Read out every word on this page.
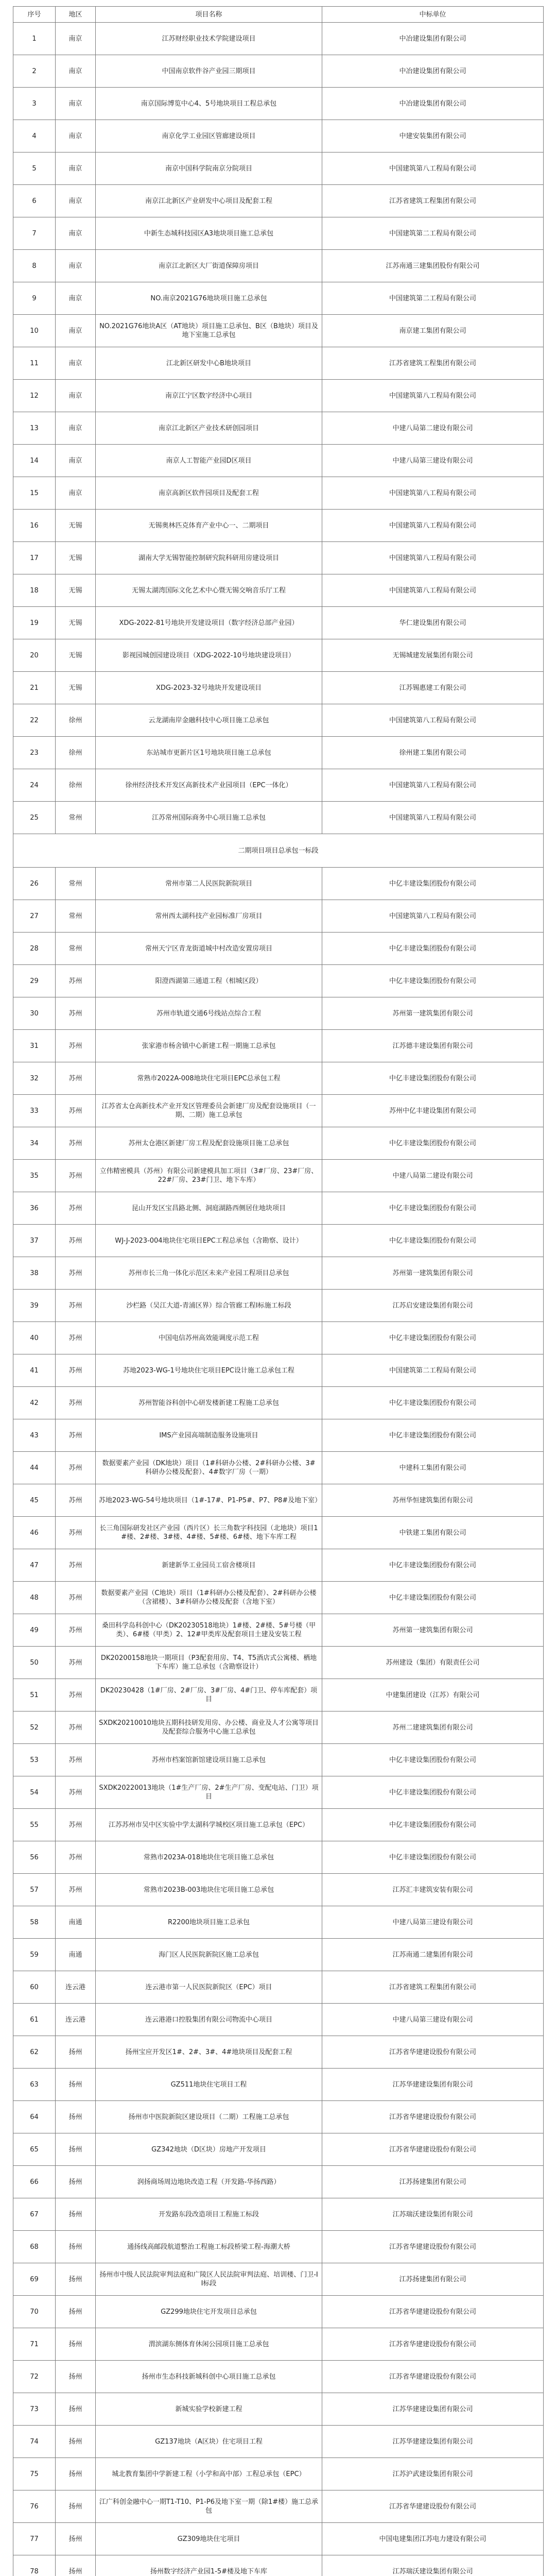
序号	地区	项目名称	中标单位
1	南京	江苏财经职业技术学院建设项目	中冶建设集团有限公司
2	南京	中国南京软件谷产业园三期项目	中冶建设集团有限公司
3	南京	南京国际博览中心4、5号地块项目工程总承包	中冶建设集团有限公司
4	南京	南京化学工业园区管廊建设项目	中建安装集团有限公司
5	南京	南京中国科学院南京分院项目	中国建筑第八工程局有限公司
6	南京	南京江北新区产业研发中心项目及配套工程	江苏省建筑工程集团有限公司
7	南京	中新生态城科技园区A3地块项目施工总承包	中国建筑第二工程局有限公司
8	南京	南京江北新区大厂街道保障房项目	江苏南通三建集团股份有限公司
9	南京	NO.南京2021G76地块项目施工总承包	中国建筑第二工程局有限公司
10	南京	NO.2021G76地块A区（AT地块）项目施工总承包、B区（B地块）项目及地下室施工总承包	南京建工集团有限公司
11	南京	江北新区研发中心B地块项目	江苏省建筑工程集团有限公司
12	南京	南京江宁区数字经济中心项目	中国建筑第八工程局有限公司
13	南京	南京江北新区产业技术研创园项目	中建八局第二建设有限公司
14	南京	南京人工智能产业园D区项目	中建八局第三建设有限公司
15	南京	南京高新区软件园项目及配套工程	中国建筑第八工程局有限公司
16	无锡	无锡奥林匹克体育产业中心一、二期项目	中国建筑第八工程局有限公司
17	无锡	湖南大学无锡智能控制研究院科研用房建设项目	中国建筑第八工程局有限公司
18	无锡	无锡太湖湾国际文化艺术中心暨无锡交响音乐厅工程	中国建筑第八工程局有限公司
19	无锡	XDG-2022-81号地块开发建设项目（数字经济总部产业园）	华仁建设集团有限公司
20	无锡	影视园城创园建设项目（XDG-2022-10号地块建设项目）	无锡城建发展集团有限公司
21	无锡	XDG-2023-32号地块开发建设项目	江苏锡惠建工有限公司
22	徐州	云龙湖南岸金融科技中心项目施工总承包	中国建筑第八工程局有限公司
23	徐州	东站城市更新片区1号地块项目施工总承包	徐州建工集团有限公司
24	徐州	徐州经济技术开发区高新技术产业园项目（EPC一体化）	中国建筑第八工程局有限公司
25	常州	江苏常州国际商务中心项目施工总承包	中国建筑第八工程局有限公司
二期项目项目总承包一标段			
26	常州	常州市第二人民医院新院项目	中亿丰建设集团股份有限公司
27	常州	常州西太湖科技产业园标准厂房项目	中国建筑第八工程局有限公司
28	常州	常州天宁区青龙街道城中村改造安置房项目	中亿丰建设集团股份有限公司
29	苏州	阳澄西湖第三通道工程（相城区段）	中亿丰建设集团股份有限公司
30	苏州	苏州市轨道交通6号线站点综合工程	苏州第一建筑集团有限公司
31	苏州	张家港市杨舍镇中心新建工程一期施工总承包	江苏德丰建设集团有限公司
32	苏州	常熟市2022A-008地块住宅项目EPC总承包工程	中亿丰建设集团股份有限公司
33	苏州	江苏省太仓高新技术产业开发区管理委员会新建厂房及配套设施项目（一期、二期）施工总承包	苏州中亿丰建设集团有限公司
34	苏州	苏州太仓港区新建厂房工程及配套设施项目施工总承包	中亿丰建设集团股份有限公司
35	苏州	立伟精密模具（苏州）有限公司新建模具加工项目（3#厂房、23#厂房、22#厂房、23#门卫、地下车库）	中建八局第二建设有限公司
36	苏州	昆山开发区宝昌路北侧、洞庭湖路西侧居住地块项目	中亿丰建设集团股份有限公司
37	苏州	WJ-J-2023-004地块住宅项目EPC工程总承包（含勘察、设计）	中亿丰建设集团股份有限公司
38	苏州	苏州市长三角一体化示范区未来产业园工程项目总承包	苏州第一建筑集团有限公司
39	苏州	沙栏路（吴江大道-青浦区界）综合管廊工程I标施工标段	江苏启安建设集团有限公司
40	苏州	中国电信苏州高效能调度示范工程	中亿丰建设集团股份有限公司
41	苏州	苏地2023-WG-1号地块住宅项目EPC设计施工总承包工程	中国建筑第二工程局有限公司
42	苏州	苏州智能谷科创中心研发楼新建工程施工总承包	中亿丰建设集团股份有限公司
43	苏州	IMS产业园高端制造服务设施项目	中亿丰建设集团股份有限公司
44	苏州	数据要素产业园（DK地块）项目（1#科研办公楼、2#科研办公楼、3#科研办公楼及配套）、4#数字厂房（一期）	中建科工集团有限公司
45	苏州	苏地2023-WG-54号地块项目（1#-17#、P1-P5#、P7、P8#及地下室）	苏州华恒建筑集团有限公司
46	苏州	长三角国际研发社区产业园（西片区）长三角数字科技园（北地块）项目1#楼、2#楼、3#楼、4#楼、5#楼、6#楼、地下车库工程	中铁建工集团有限公司
47	苏州	新建新华工业园员工宿舍楼项目	中亿丰建设集团股份有限公司
48	苏州	数据要素产业园（C地块）项目（1#科研办公楼及配套）、2#科研办公楼（含裙楼）、3#科研办公楼及配套（含地下室）	中亿丰建设集团股份有限公司
49	苏州	桑田科学岛科创中心（DK20230518地块）1#楼、2#楼、5#号楼（甲类）、6#楼（甲类）2、12#甲类库及配套项目土建及安装工程	苏州第一建筑集团有限公司
50	苏州	DK20200158地块一期项目（P3配套用房、T4、T5酒店式公寓楼、栖地下车库）施工总承包（含勘察设计）	苏州建设（集团）有限责任公司
51	苏州	DK20230428（1#厂房、2#厂房、3#厂房、4#门卫、停车库配套）项目	中建集团建设（江苏）有限公司
52	苏州	SXDK20210010地块五期科技研发用房、办公楼、商业及人才公寓等项目及配套综合服务中心施工总承包	苏州二建建筑集团有限公司
53	苏州	苏州市档案馆新馆建设项目施工总承包	中亿丰建设集团股份有限公司
54	苏州	SXDK20220013地块（1#生产厂房、2#生产厂房、变配电站、门卫）项目	中亿丰建设集团股份有限公司
55	苏州	江苏苏州市吴中区实验中学太湖科学城校区项目施工总承包（EPC）	中亿丰建设集团股份有限公司
56	苏州	常熟市2023A-018地块住宅项目施工总承包	中亿丰建设集团股份有限公司
57	苏州	常熟市2023B-003地块住宅项目施工总承包	江苏汇丰建筑安装有限公司
58	南通	R2200地块项目施工总承包	中建八局第三建设有限公司
59	南通	海门区人民医院新院区施工总承包	江苏南通二建集团有限公司
60	连云港	连云港市第一人民医院新院区（EPC）项目	江苏省建筑工程集团有限公司
61	连云港	连云港港口控股集团有限公司物流中心项目	中建八局第三建设有限公司
62	扬州	扬州宝应开发区1#、2#、3#、4#地块项目及配套工程	江苏省华建建设股份有限公司
63	扬州	GZ511地块住宅项目工程	江苏华建建设集团有限公司
64	扬州	扬州市中医院新院区建设项目（二期）工程施工总承包	江苏省华建建设股份有限公司
65	扬州	GZ342地块（D区块）房地产开发项目	江苏省华建建设股份有限公司
66	扬州	润扬商场周边地块改造工程（开发路-华扬西路）	江苏扬建集团有限公司
67	扬州	开发路东段改造项目工程施工标段	江苏瑞沃建设集团有限公司
68	扬州	通扬线高邮段航道整治工程施工标段桥梁工程-海潮大桥	江苏省华建建设股份有限公司
69	扬州	扬州市中级人民法院审判法庭和广陵区人民法院审判法庭、培训楼、门卫-II标段	江苏扬建集团有限公司
70	扬州	GZ299地块住宅开发项目总承包	江苏省华建建设股份有限公司
71	扬州	渭滨湖东侧体育休闲公园项目施工总承包	江苏省华建建设股份有限公司
72	扬州	扬州市生态科技新城科创中心项目施工总承包	江苏省华建建设股份有限公司
73	扬州	新城实验学校新建工程	江苏华建建设集团有限公司
74	扬州	GZ137地块（A区块）住宅项目工程	江苏华建建设集团有限公司
75	扬州	城北教育集团中学新建工程（小学和高中部）工程总承包（EPC）	江苏沪武建设集团有限公司
76	扬州	江广科创金融中心一期T1-T10、P1-P6及地下室一期（除1#楼）施工总承包	江苏省华建建设股份有限公司
77	扬州	GZ309地块住宅项目	中国电建集团江苏电力建设有限公司
78	扬州	扬州数字经济产业园1-5#楼及地下车库	江苏瑞沃建设集团有限公司
